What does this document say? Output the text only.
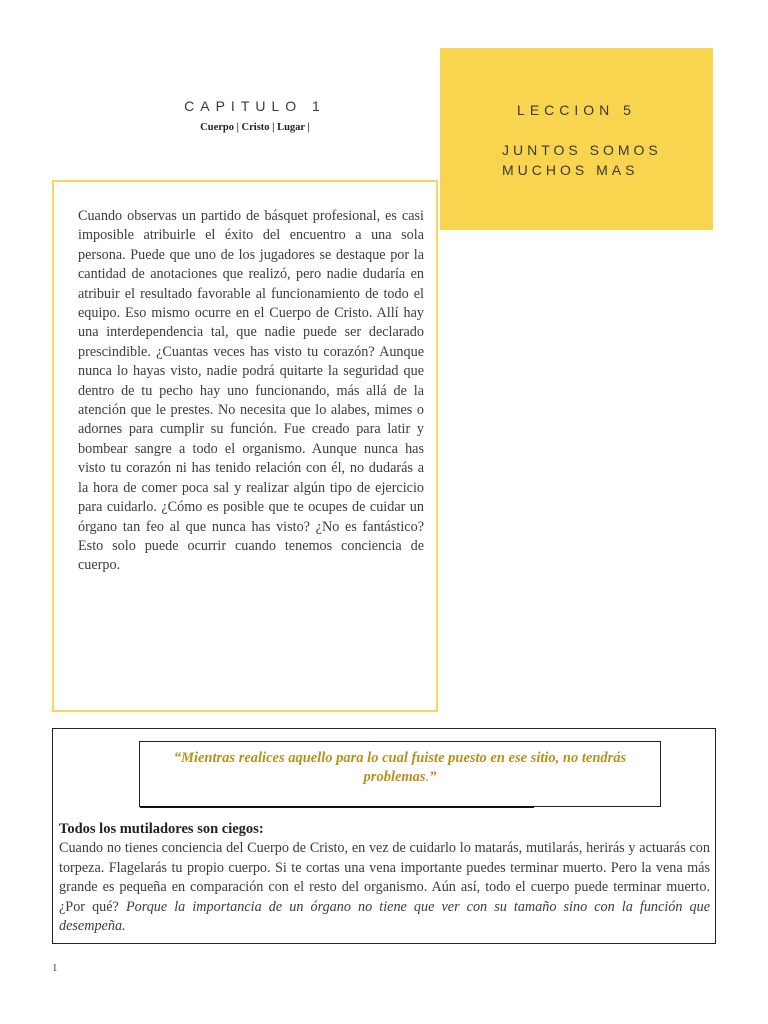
CAPITULO 1
Cuerpo | Cristo | Lugar |
LECCION 5
JUNTOS SOMOS MUCHOS MAS
Cuando observas un partido de básquet profesional, es casi imposible atribuirle el éxito del encuentro a una sola persona. Puede que uno de los jugadores se destaque por la cantidad de anotaciones que realizó, pero nadie dudaría en atribuir el resultado favorable al funcionamiento de todo el equipo. Eso mismo ocurre en el Cuerpo de Cristo. Allí hay una interdependencia tal, que nadie puede ser declarado prescindible. ¿Cuantas veces has visto tu corazón? Aunque nunca lo hayas visto, nadie podrá quitarte la seguridad que dentro de tu pecho hay uno funcionando, más allá de la atención que le prestes. No necesita que lo alabes, mimes o adornes para cumplir su función. Fue creado para latir y bombear sangre a todo el organismo. Aunque nunca has visto tu corazón ni has tenido relación con él, no dudarás a la hora de comer poca sal y realizar algún tipo de ejercicio para cuidarlo. ¿Cómo es posible que te ocupes de cuidar un órgano tan feo al que nunca has visto? ¿No es fantástico? Esto solo puede ocurrir cuando tenemos conciencia de cuerpo.
“Mientras realices aquello para lo cual fuiste puesto en ese sitio, no tendrás problemas.”
Todos los mutiladores son ciegos:
Cuando no tienes conciencia del Cuerpo de Cristo, en vez de cuidarlo lo matarás, mutilarás, herirás y actuarás con torpeza. Flagelarás tu propio cuerpo. Si te cortas una vena importante puedes terminar muerto. Pero la vena más grande es pequeña en comparación con el resto del organismo. Aún así, todo el cuerpo puede terminar muerto. ¿Por qué? Porque la importancia de un órgano no tiene que ver con su tamaño sino con la función que desempeña.
1
